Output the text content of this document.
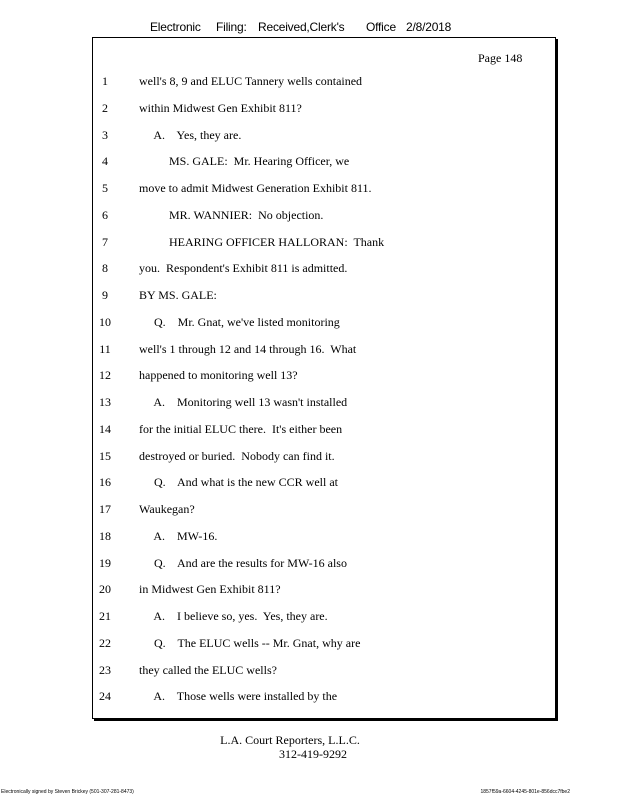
Electronic Filing: Received,Clerk's Office 2/8/2018
Page 148
1	well's 8, 9 and ELUC Tannery wells contained
2	within Midwest Gen Exhibit 811?
3	A.    Yes, they are.
4	MS. GALE:  Mr. Hearing Officer, we
5	move to admit Midwest Generation Exhibit 811.
6	MR. WANNIER:  No objection.
7	HEARING OFFICER HALLORAN:  Thank
8	you.  Respondent's Exhibit 811 is admitted.
9	BY MS. GALE:
10 Q.    Mr. Gnat, we've listed monitoring
11 well's 1 through 12 and 14 through 16.  What
12 happened to monitoring well 13?
13 A.    Monitoring well 13 wasn't installed
14 for the initial ELUC there.  It's either been
15 destroyed or buried.  Nobody can find it.
16 Q.    And what is the new CCR well at
17 Waukegan?
18 A.    MW-16.
19 Q.    And are the results for MW-16 also
20 in Midwest Gen Exhibit 811?
21 A.    I believe so, yes.  Yes, they are.
22 Q.    The ELUC wells -- Mr. Gnat, why are
23 they called the ELUC wells?
24 A.    Those wells were installed by the
L.A. Court Reporters, L.L.C.
312-419-9292
Electronically signed by Steven Brickey (501-307-281-8473)	1857f59a-6604-4245-801e-856dcc7fbe2
